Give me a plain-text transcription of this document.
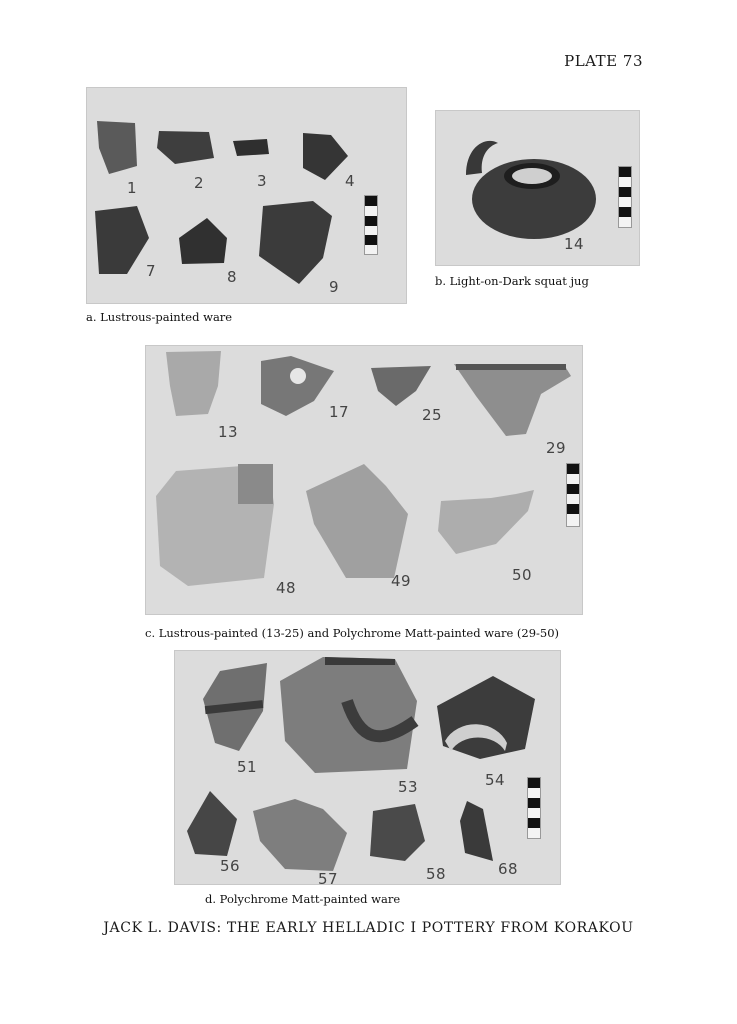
PLATE 73
1	2	3	4
7	8
9
a. Lustrous-painted ware
14
b. Light-on-Dark squat jug
13
17	25
29
48	49	50
c. Lustrous-painted (13-25) and Polychrome Matt-painted ware (29-50)
51
53	54
56
57	58	68
d. Polychrome Matt-painted ware
JACK L. DAVIS: THE EARLY HELLADIC I POTTERY FROM KORAKOU
